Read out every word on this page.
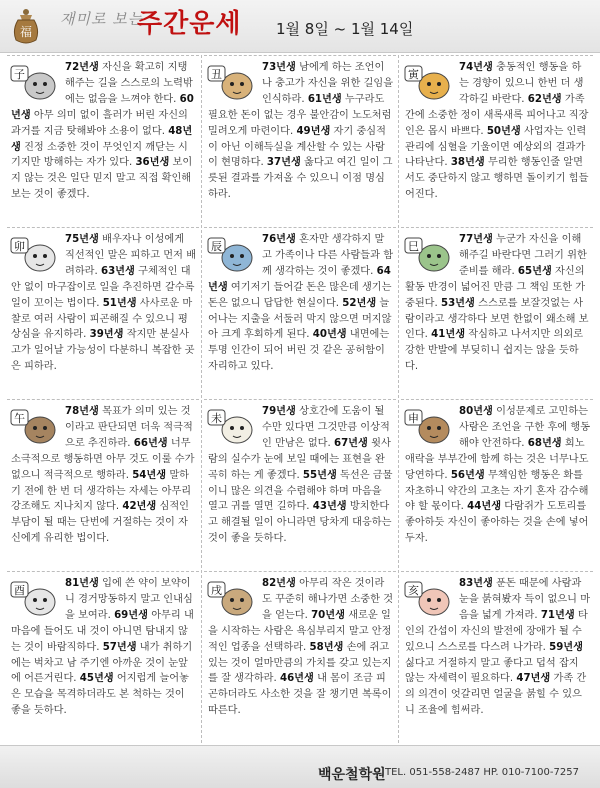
福
재미로 보는
주간운세 1월 8일 ~ 1월 14일
子
72년생 자신을 확고히 지탱해주는 길을 스스로의 노력밖에는 없음을 느껴야 한다. 60년생 아무 의미 없이 흘러가 버린 자신의 과거를 지금 탓해봐야 소용이 없다. 48년생 진정 소중한 것이 무엇인지 깨닫는 시기지만 방해하는 자가 있다. 36년생 보이지 않는 것은 일단 믿지 말고 직접 확인해보는 것이 좋겠다.
丑
73년생 남에게 하는 조언이나 충고가 자신을 위한 길임을 인식하라. 61년생 누구라도 필요한 돈이 없는 경우 불안감이 노도처럼 밀려오게 마련이다. 49년생 자기 중심적이 아닌 이해득실을 계산할 수 있는 사람이 현명하다. 37년생 옳다고 여긴 일이 그릇된 결과를 가져올 수 있으니 이점 명심하라.
寅
74년생 충동적인 행동을 하는 경향이 있으니 한번 더 생각하길 바란다. 62년생 가족 간에 소중한 정이 새록새록 피어나고 직장인은 몹시 바쁘다. 50년생 사업자는 인력관리에 심혈을 기울이면 예상외의 결과가 나타난다. 38년생 무리한 행동인줄 알면서도 중단하지 않고 행하면 돌이키기 힘들어진다.
卯
75년생 배우자나 이성에게 직선적인 말은 피하고 먼저 배려하라. 63년생 구체적인 대안 없이 마구잡이로 일을 추진하면 갈수록 일이 꼬이는 법이다. 51년생 사사로운 마찰로 여러 사람이 피곤해질 수 있으니 평상심을 유지하라. 39년생 작지만 분실사고가 일어날 가능성이 다분하니 복잡한 곳은 피하라.
辰
76년생 혼자만 생각하지 말고 가족이나 다른 사람들과 함께 생각하는 것이 좋겠다. 64년생 여기저기 들어갈 돈은 많은데 생기는 돈은 없으니 답답한 현실이다. 52년생 늘어나는 지출을 서둘러 막지 않으면 머지않아 크게 후회하게 된다. 40년생 내면에는 투명 인간이 되어 버린 것 같은 공허함이 자리하고 있다.
巳
77년생 누군가 자신을 이해해주길 바란다면 그러기 위한 준비를 해라. 65년생 자신의 활동 반경이 넓어진 만큼 그 책임 또한 가중된다. 53년생 스스로를 보잘것없는 사람이라고 생각하다 보면 한없이 왜소해 보인다. 41년생 작심하고 나서지만 의외로 강한 반발에 부딪히니 쉽지는 않을 듯하다.
午
78년생 목표가 의미 있는 것이라고 판단되면 더욱 적극적으로 추진하라. 66년생 너무 소극적으로 행동하면 아무 것도 이룰 수가 없으니 적극적으로 행하라. 54년생 말하기 전에 한 번 더 생각하는 자세는 아무리 강조해도 지나치지 않다. 42년생 심적인 부담이 될 때는 단번에 거절하는 것이 자신에게 유리한 법이다.
未
79년생 상호간에 도움이 될 수만 있다면 그것만큼 이상적인 만남은 없다. 67년생 윗사람의 실수가 눈에 보일 때에는 표현을 완곡히 하는 게 좋겠다. 55년생 독선은 금물이니 많은 의견을 수렴해야 하며 마음을 열고 귀를 열면 길하다. 43년생 방치한다고 해결될 일이 아니라면 당차게 대응하는 것이 좋을 듯하다.
申
80년생 이성문제로 고민하는 사람은 조언을 구한 후에 행동해야 안전하다. 68년생 희노애락을 부부간에 함께 하는 것은 너무나도 당연하다. 56년생 무책임한 행동은 화를 자초하니 약간의 고초는 자기 혼자 감수해야 할 몫이다. 44년생 다람쥐가 도토리를 좋아하듯 자신이 좋아하는 것을 손에 넣어두자.
酉
81년생 입에 쓴 약이 보약이니 경거망동하지 말고 인내심을 보여라. 69년생 아무리 내 마음에 들어도 내 것이 아니면 탐내지 않는 것이 바람직하다. 57년생 내가 취하기에는 벅차고 남 주기엔 아까운 것이 눈앞에 어른거린다. 45년생 어지럽게 늘어놓은 모습을 목격하더라도 본 척하는 것이 좋을 듯하다.
戌
82년생 아무리 작은 것이라도 꾸준히 해나가면 소중한 것을 얻는다. 70년생 새로운 일을 시작하는 사람은 욕심부리지 말고 안정적인 업종을 선택하라. 58년생 손에 쥐고 있는 것이 얼마만큼의 가치를 갖고 있는지를 잘 생각하라. 46년생 내 몸이 조금 피곤하더라도 사소한 것을 잘 챙기면 복록이 따른다.
亥
83년생 푼돈 때문에 사람과 눈을 붉혀봤자 득이 없으니 마음을 넓게 가져라. 71년생 타인의 간섭이 자신의 발전에 장애가 될 수 있으니 스스로를 다스려 나가라. 59년생 싫다고 거절하지 말고 좋다고 덥석 잡지 않는 자세력이 필요하다. 47년생 가족 간의 의견이 엇갈리면 얼굴을 붉힐 수 있으니 조율에 힘써라.
백운철학원 TEL. 051-558-2487 HP. 010-7100-7257
